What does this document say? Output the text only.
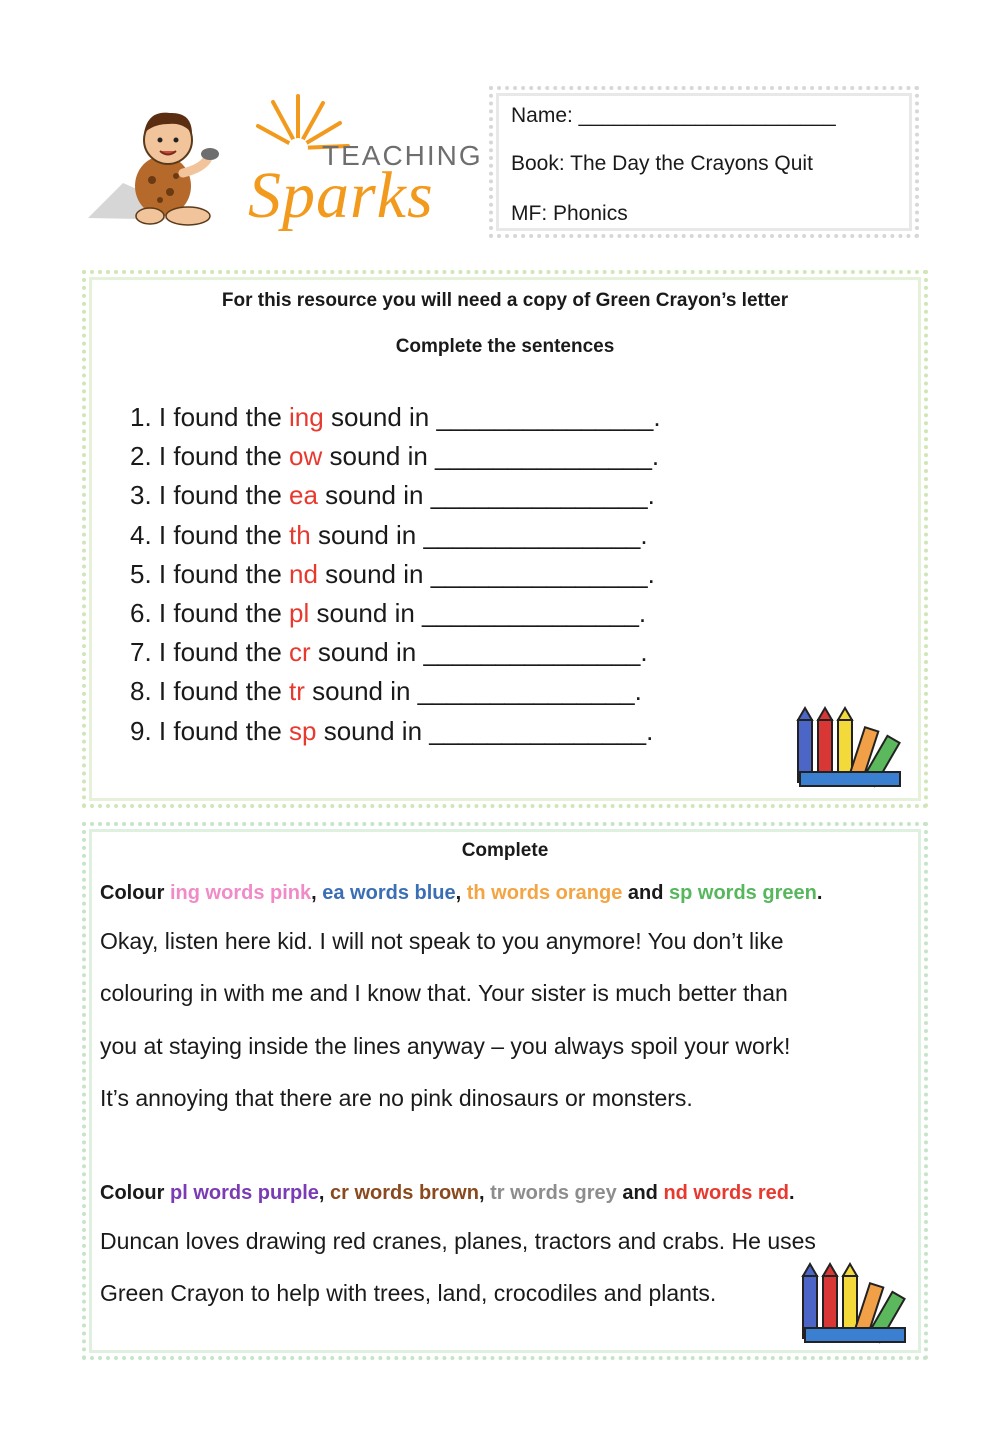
TEACHING
Sparks
Name: ______________________
Book: The Day the Crayons Quit
MF: Phonics
For this resource you will need a copy of Green Crayon’s letter
Complete the sentences
1. I found the ing sound in _______________.
2. I found the ow sound in _______________.
3. I found the ea sound in _______________.
4. I found the th sound in _______________.
5. I found the nd sound in _______________.
6. I found the pl sound in _______________.
7. I found the cr sound in _______________.
8. I found the tr sound in _______________.
9. I found the sp sound in _______________.
Complete
Colour ing words pink, ea words blue, th words orange and sp words green.
Okay, listen here kid. I will not speak to you anymore! You don’t like
colouring in with me and I know that. Your sister is much better than
you at staying inside the lines anyway – you always spoil your work!
It’s annoying that there are no pink dinosaurs or monsters.
Colour pl words purple, cr words brown, tr words grey and nd words red.
Duncan loves drawing red cranes, planes, tractors and crabs. He uses
Green Crayon to help with trees, land, crocodiles and plants.
